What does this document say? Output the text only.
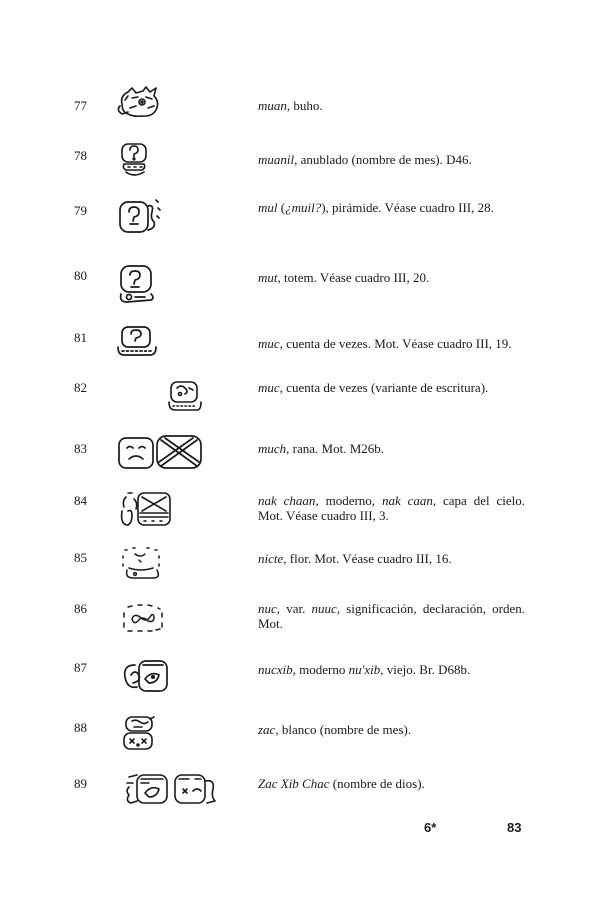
77
78
79
80
81
82
83
84
85
86
87
88
89
muan, buho.
muanil, anublado (nombre de mes). D46.
mul (¿muil?), pirámide. Véase cuadro III, 28.
mut, totem. Véase cuadro III, 20.
muc, cuenta de vezes. Mot. Véase cuadro III, 19.
muc, cuenta de vezes (variante de escritura).
much, rana. Mot. M26b.
nak chaan, moderno, nak caan, capa del cielo. Mot. Véase cuadro III, 3.
nicte, flor. Mot. Véase cuadro III, 16.
nuc, var. nuuc, significación, declaración, orden. Mot.
nucxib, moderno nu'xib, viejo. Br. D68b.
zac, blanco (nombre de mes).
Zac Xib Chac (nombre de dios).
6*	83
